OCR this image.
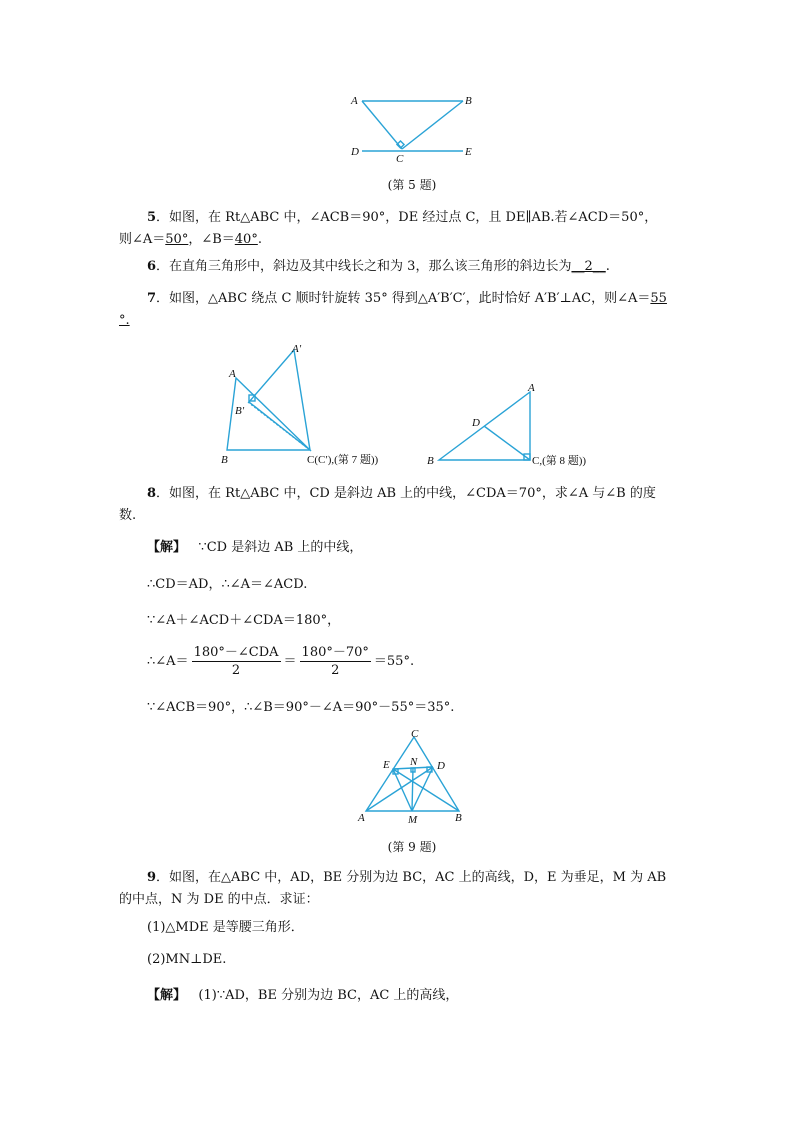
A	B
C
D	E
(第 5 题)
5．如图，在 Rt△ABC 中，∠ACB＝90°，DE 经过点 C，且 DE∥AB.若∠ACD＝50°，
则∠A＝50°，∠B＝40°.
6．在直角三角形中，斜边及其中线长之和为 3，那么该三角形的斜边长为__2__.
7．如图，△ABC 绕点 C 顺时针旋转 35° 得到△A′B′C′，此时恰好 A′B′⊥AC，则∠A＝55
°.
A
A′
B′
B	C(C′),(第 7 题))
A
D
B	C,(第 8 题))
8．如图，在 Rt△ABC 中，CD 是斜边 AB 上的中线，∠CDA＝70°，求∠A 与∠B 的度
数.
【解】 ∵CD 是斜边 AB 上的中线，
∴CD＝AD，∴∠A＝∠ACD.
∵∠A＋∠ACD＋∠CDA＝180°，
∴∠A＝ $\frac{\text{180°－∠CDA}}{2} = \frac{180^\circ-70^\circ}{2} =55^\circ$.
∵∠ACB＝90°，∴∠B＝90°－∠A＝90°－55°＝35°.
C
E N D
A	M	B
(第 9 题)
9．如图，在△ABC 中，AD，BE 分别为边 BC，AC 上的高线，D，E 为垂足，M 为 AB
的中点，N 为 DE 的中点．求证：
(1)△MDE 是等腰三角形．
(2)MN⊥DE.
【解】 (1)∵AD，BE 分别为边 BC，AC 上的高线，
